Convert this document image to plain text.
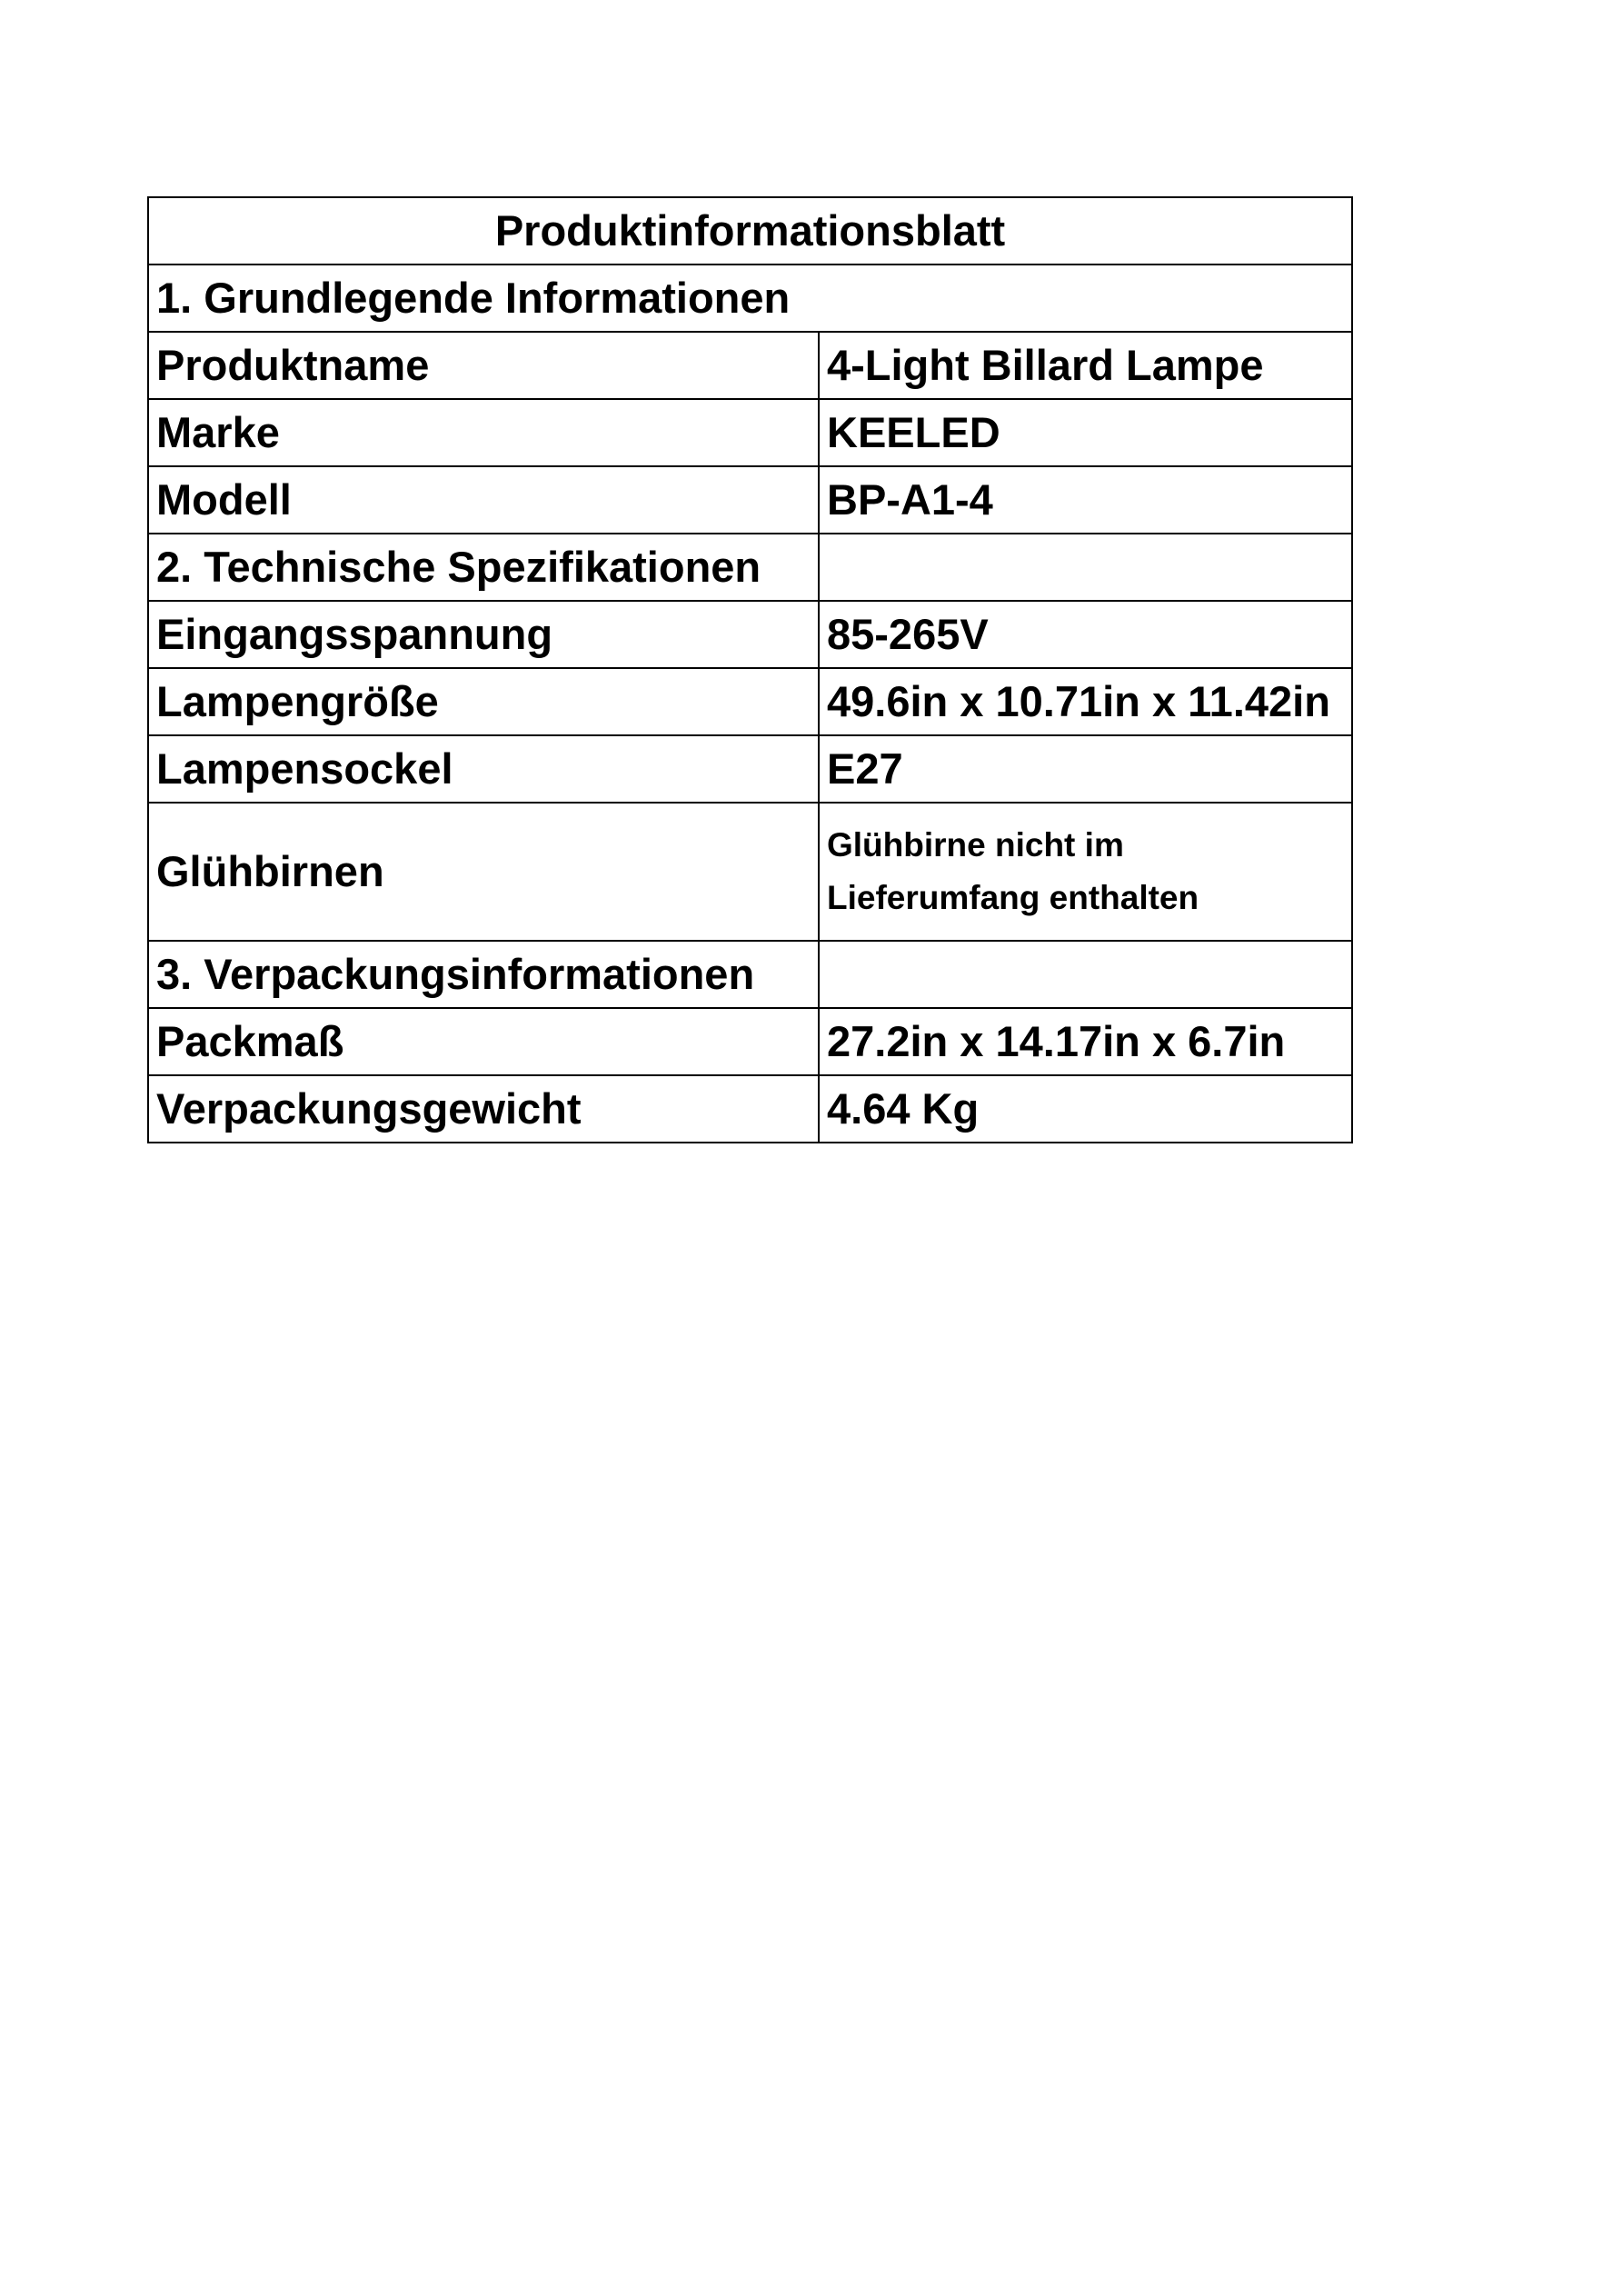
Produktinformationsblatt	
1. Grundlegende Informationen	
Produktname	4-Light Billard Lampe
Marke	KEELED
Modell	BP-A1-4
2. Technische Spezifikationen	
Eingangsspannung	85-265V
Lampengröße	49.6in x 10.71in x 11.42in
Lampensockel	E27
Glühbirnen	Glühbirne nicht im Lieferumfang enthalten
3. Verpackungsinformationen	
Packmaß	27.2in x 14.17in x 6.7in
Verpackungsgewicht	4.64 Kg
